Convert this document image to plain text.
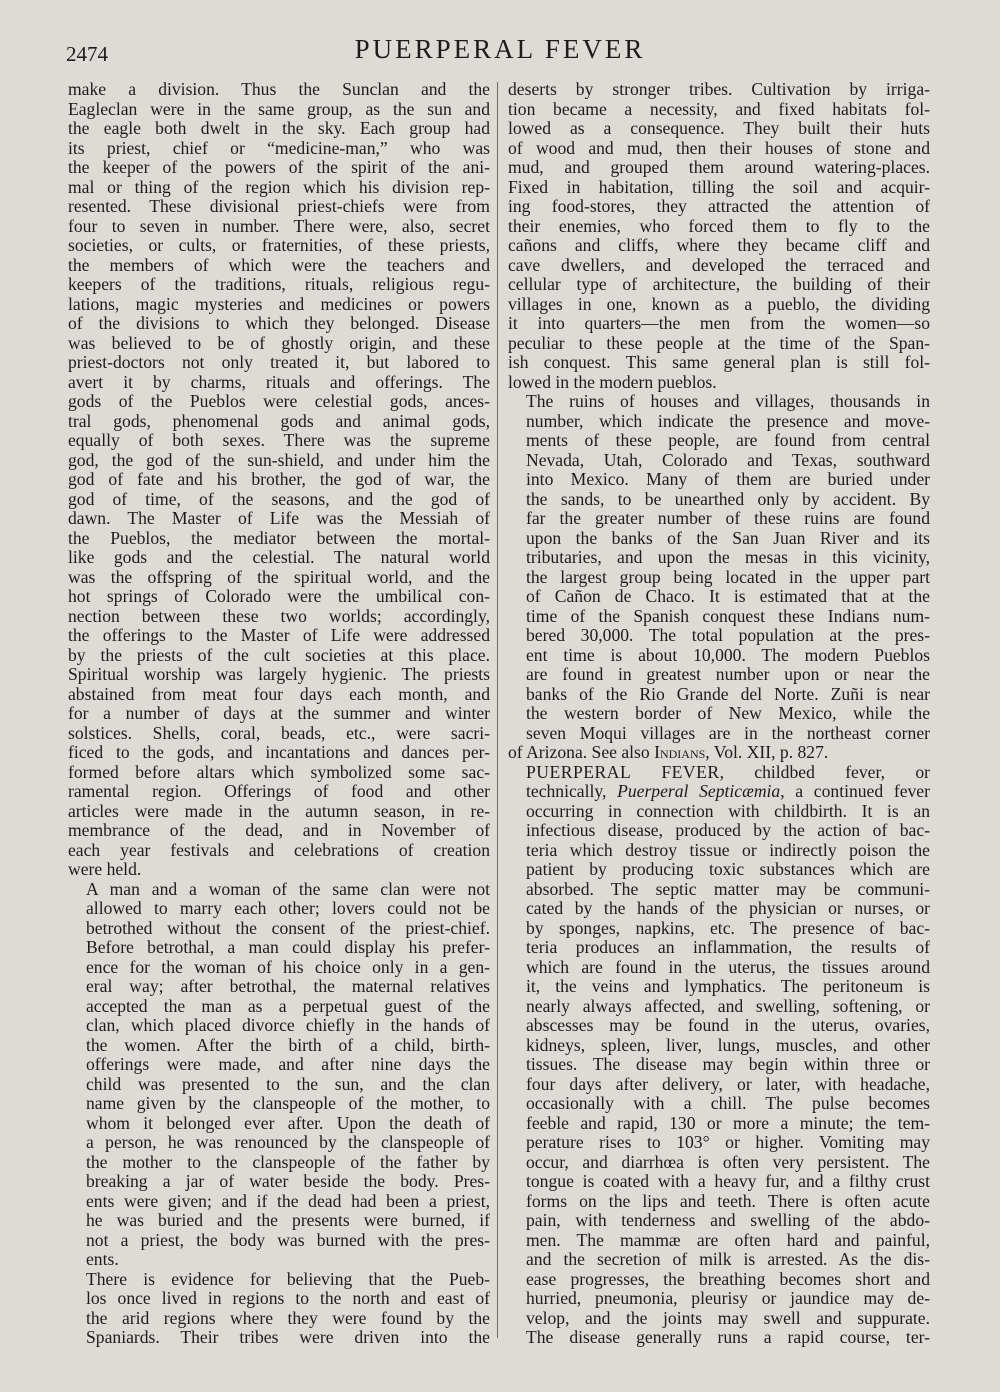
2474	PUERPERAL FEVER

make a division. Thus the Sunclan and the
Eagleclan were in the same group, as the sun and
the eagle both dwelt in the sky. Each group had
its priest, chief or “medicine-man,” who was
the keeper of the powers of the spirit of the ani-
mal or thing of the region which his division rep-
resented. These divisional priest-chiefs were from
four to seven in number. There were, also, secret
societies, or cults, or fraternities, of these priests,
the members of which were the teachers and
keepers of the traditions, rituals, religious regu-
lations, magic mysteries and medicines or powers
of the divisions to which they belonged. Disease
was believed to be of ghostly origin, and these
priest-doctors not only treated it, but labored to
avert it by charms, rituals and offerings. The
gods of the Pueblos were celestial gods, ances-
tral gods, phenomenal gods and animal gods,
equally of both sexes. There was the supreme
god, the god of the sun-shield, and under him the
god of fate and his brother, the god of war, the
god of time, of the seasons, and the god of
dawn. The Master of Life was the Messiah of
the Pueblos, the mediator between the mortal-
like gods and the celestial. The natural world
was the offspring of the spiritual world, and the
hot springs of Colorado were the umbilical con-
nection between these two worlds; accordingly,
the offerings to the Master of Life were addressed
by the priests of the cult societies at this place.
Spiritual worship was largely hygienic. The priests
abstained from meat four days each month, and
for a number of days at the summer and winter
solstices. Shells, coral, beads, etc., were sacri-
ficed to the gods, and incantations and dances per-
formed before altars which symbolized some sac-
ramental region. Offerings of food and other
articles were made in the autumn season, in re-
membrance of the dead, and in November of
each year festivals and celebrations of creation
were held.

A man and a woman of the same clan were not
allowed to marry each other; lovers could not be
betrothed without the consent of the priest-chief.
Before betrothal, a man could display his prefer-
ence for the woman of his choice only in a gen-
eral way; after betrothal, the maternal relatives
accepted the man as a perpetual guest of the
clan, which placed divorce chiefly in the hands of
the women. After the birth of a child, birth-
offerings were made, and after nine days the
child was presented to the sun, and the clan
name given by the clanspeople of the mother, to
whom it belonged ever after. Upon the death of
a person, he was renounced by the clanspeople of
the mother to the clanspeople of the father by
breaking a jar of water beside the body. Pres-
ents were given; and if the dead had been a priest,
he was buried and the presents were burned, if
not a priest, the body was burned with the pres-
ents.

There is evidence for believing that the Pueb-
los once lived in regions to the north and east of
the arid regions where they were found by the
Spaniards. Their tribes were driven into the

deserts by stronger tribes. Cultivation by irriga-
tion became a necessity, and fixed habitats fol-
lowed as a consequence. They built their huts
of wood and mud, then their houses of stone and
mud, and grouped them around watering-places.
Fixed in habitation, tilling the soil and acquir-
ing food-stores, they attracted the attention of
their enemies, who forced them to fly to the
cañons and cliffs, where they became cliff and
cave dwellers, and developed the terraced and
cellular type of architecture, the building of their
villages in one, known as a pueblo, the dividing
it into quarters—the men from the women—so
peculiar to these people at the time of the Span-
ish conquest. This same general plan is still fol-
lowed in the modern pueblos.

The ruins of houses and villages, thousands in
number, which indicate the presence and move-
ments of these people, are found from central
Nevada, Utah, Colorado and Texas, southward
into Mexico. Many of them are buried under
the sands, to be unearthed only by accident. By
far the greater number of these ruins are found
upon the banks of the San Juan River and its
tributaries, and upon the mesas in this vicinity,
the largest group being located in the upper part
of Cañon de Chaco. It is estimated that at the
time of the Spanish conquest these Indians num-
bered 30,000. The total population at the pres-
ent time is about 10,000. The modern Pueblos
are found in greatest number upon or near the
banks of the Rio Grande del Norte. Zuñi is near
the western border of New Mexico, while the
seven Moqui villages are in the northeast corner

of Arizona. See also Indians, Vol. XII, p. 827.

PUERPERAL FEVER, childbed fever, or
technically, Puerperal Septicæmia, a continued fever
occurring in connection with childbirth. It is an
infectious disease, produced by the action of bac-
teria which destroy tissue or indirectly poison the
patient by producing toxic substances which are
absorbed. The septic matter may be communi-
cated by the hands of the physician or nurses, or
by sponges, napkins, etc. The presence of bac-
teria produces an inflammation, the results of
which are found in the uterus, the tissues around
it, the veins and lymphatics. The peritoneum is
nearly always affected, and swelling, softening, or
abscesses may be found in the uterus, ovaries,
kidneys, spleen, liver, lungs, muscles, and other
tissues. The disease may begin within three or
four days after delivery, or later, with headache,
occasionally with a chill. The pulse becomes
feeble and rapid, 130 or more a minute; the tem-
perature rises to 103° or higher. Vomiting may
occur, and diarrhœa is often very persistent. The
tongue is coated with a heavy fur, and a filthy crust
forms on the lips and teeth. There is often acute
pain, with tenderness and swelling of the abdo-
men. The mammæ are often hard and painful,
and the secretion of milk is arrested. As the dis-
ease progresses, the breathing becomes short and
hurried, pneumonia, pleurisy or jaundice may de-
velop, and the joints may swell and suppurate.
The disease generally runs a rapid course, ter-
